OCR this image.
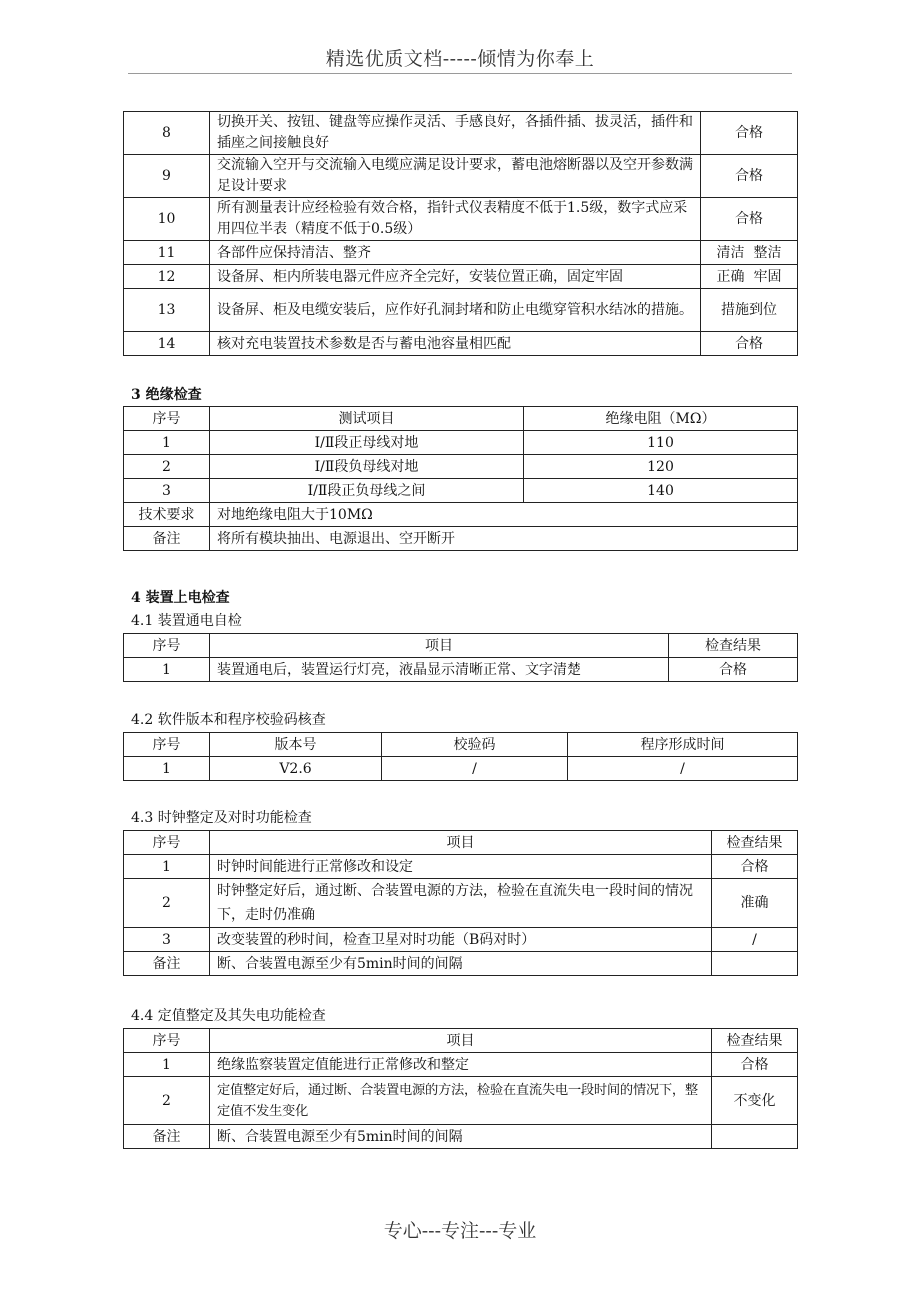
精选优质文档-----倾情为你奉上
8	切换开关、按钮、键盘等应操作灵活、手感良好，各插件插、拔灵活，插件和插座之间接触良好	合格
9	交流输入空开与交流输入电缆应满足设计要求，蓄电池熔断器以及空开参数满足设计要求	合格
10	所有测量表计应经检验有效合格，指针式仪表精度不低于1.5级，数字式应采用四位半表（精度不低于0.5级）	合格
11	各部件应保持清洁、整齐	清洁  整洁
12	设备屏、柜内所装电器元件应齐全完好，安装位置正确，固定牢固	正确  牢固
13	设备屏、柜及电缆安装后，应作好孔洞封堵和防止电缆穿管积水结冰的措施。	措施到位
14	核对充电装置技术参数是否与蓄电池容量相匹配	合格
3 绝缘检查
序号	测试项目	绝缘电阻（MΩ）
1	Ⅰ/Ⅱ段正母线对地	110
2	Ⅰ/Ⅱ段负母线对地	120
3	Ⅰ/Ⅱ段正负母线之间	140
技术要求	对地绝缘电阻大于10MΩ	
备注	将所有模块抽出、电源退出、空开断开	
4 装置上电检查
4.1 装置通电自检
序号	项目	检查结果
1	装置通电后，装置运行灯亮，液晶显示清晰正常、文字清楚	合格
4.2 软件版本和程序校验码核查
序号	版本号	校验码	程序形成时间
1	V2.6	/	/
4.3 时钟整定及对时功能检查
序号	项目	检查结果
1	时钟时间能进行正常修改和设定	合格
2	时钟整定好后，通过断、合装置电源的方法，检验在直流失电一段时间的情况下，走时仍准确	准确
3	改变装置的秒时间，检查卫星对时功能（B码对时）	/
备注	断、合装置电源至少有5min时间的间隔	
4.4 定值整定及其失电功能检查
序号	项目	检查结果
1	绝缘监察装置定值能进行正常修改和整定	合格
2	定值整定好后，通过断、合装置电源的方法，检验在直流失电一段时间的情况下，整定值不发生变化	不变化
备注	断、合装置电源至少有5min时间的间隔	
专心---专注---专业
